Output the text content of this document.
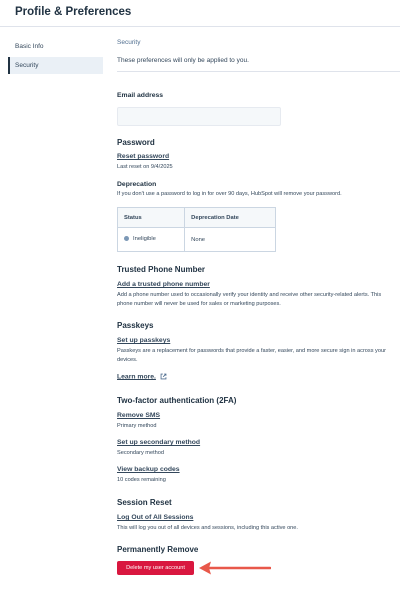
Profile & Preferences
Basic Info
Security
Security
These preferences will only be applied to you.
Email address
Password
Reset password
Last reset on 9/4/2025
Deprecation
If you don't use a password to log in for over 90 days, HubSpot will remove your password.
Status	Deprecation Date
Ineligible	None
Trusted Phone Number
Add a trusted phone number
Add a phone number used to occasionally verify your identity and receive other security-related alerts. This phone number will never be used for sales or marketing purposes.
Passkeys
Set up passkeys
Passkeys are a replacement for passwords that provide a faster, easier, and more secure sign in across your devices.
Learn more.
Two-factor authentication (2FA)
Remove SMS
Primary method
Set up secondary method
Secondary method
View backup codes
10 codes remaining
Session Reset
Log Out of All Sessions
This will log you out of all devices and sessions, including this active one.
Permanently Remove
Delete my user account
